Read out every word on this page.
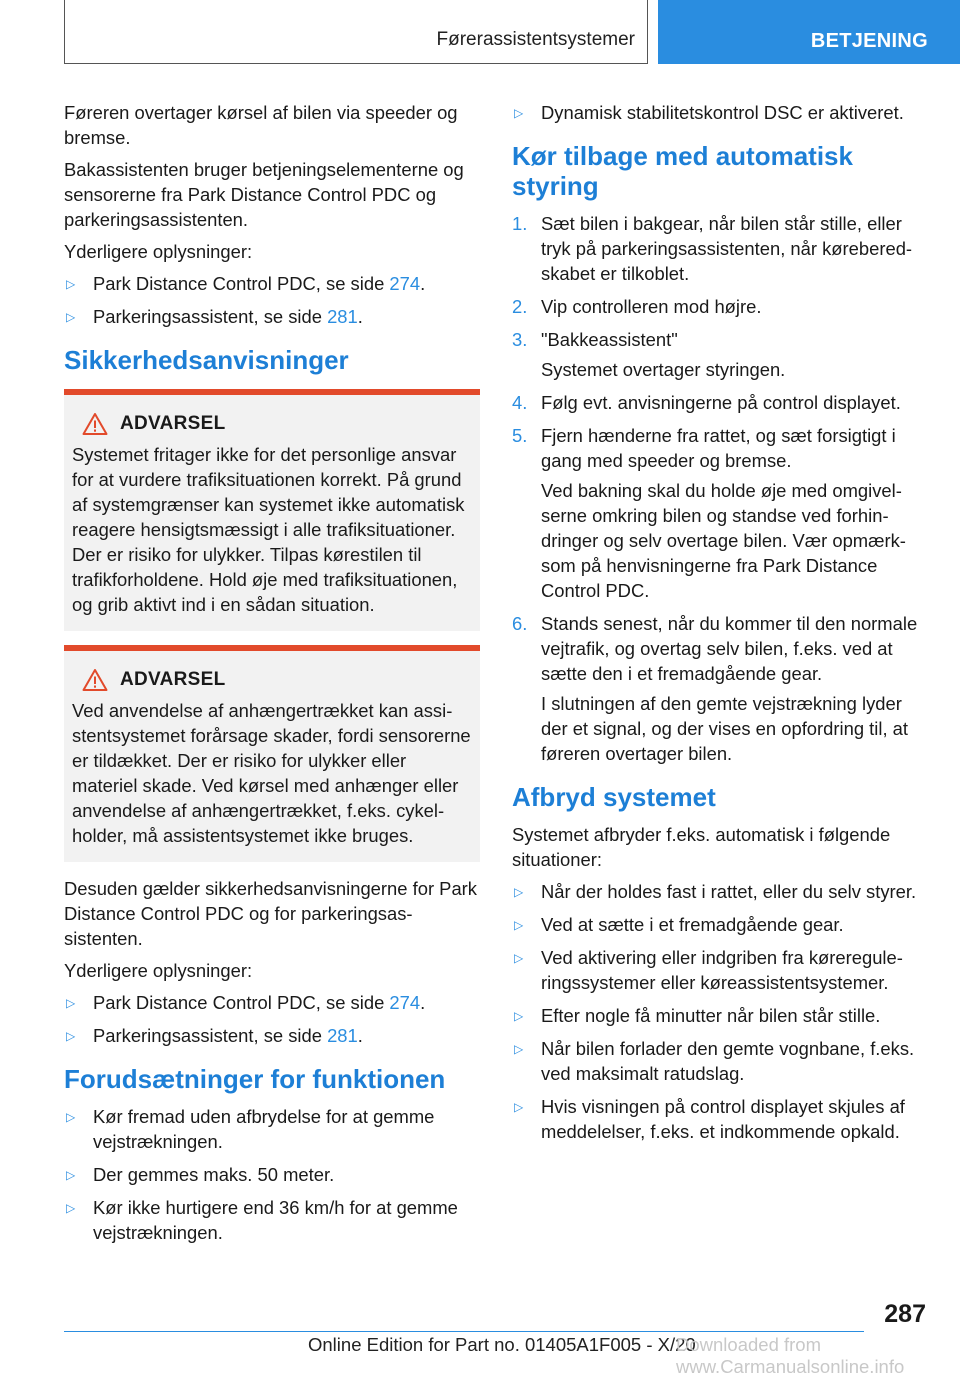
Førerassistentsystemer	BETJENING

Føreren overtager kørsel af bilen via speeder og bremse.

Bakassistenten bruger betjeningselementerne og sensorerne fra Park Distance Control PDC og parkeringsassistenten.

Yderligere oplysninger:

▷ Park Distance Control PDC, se side 274.
▷ Parkeringsassistent, se side 281.
Sikkerhedsanvisninger
ADVARSEL

Systemet fritager ikke for det personlige ansvar for at vurdere trafiksituationen korrekt. På grund af systemgrænser kan systemet ikke automatisk reagere hensigtsmæssigt i alle trafiksituationer. Der er risiko for ulykker. Tilpas kørestilen til trafikforholdene. Hold øje med trafiksituationen, og grib aktivt ind i en sådan situation.

ADVARSEL

Ved anvendelse af anhængertrækket kan assistentsystemet forårsage skader, fordi sensorerne er tildækket. Der er risiko for ulykker eller materiel skade. Ved kørsel med anhænger eller anvendelse af anhængertrækket, f.eks. cykelholder, må assistentsystemet ikke bruges.

Desuden gælder sikkerhedsanvisningerne for Park Distance Control PDC og for parkeringsassistenten.

Yderligere oplysninger:

▷ Park Distance Control PDC, se side 274.
▷ Parkeringsassistent, se side 281.
Forudsætninger for funktionen
▷ Kør fremad uden afbrydelse for at gemme vejstrækningen.
▷ Der gemmes maks. 50 meter.
▷ Kør ikke hurtigere end 36 km/h for at gemme vejstrækningen.
▷ Dynamisk stabilitetskontrol DSC er aktiveret.
Kør tilbage med automatisk styring
1. Sæt bilen i bakgear, når bilen står stille, eller tryk på parkeringsassistenten, når køreberedskabet er tilkoblet.
2. Vip controlleren mod højre.
3. "Bakkeassistent"

Systemet overtager styringen.

4. Følg evt. anvisningerne på control displayet.
5. Fjern hænderne fra rattet, og sæt forsigtigt i gang med speeder og bremse.

Ved bakning skal du holde øje med omgivelserne omkring bilen og standse ved forhindringer og selv overtage bilen. Vær opmærksom på henvisningerne fra Park Distance Control PDC.

6. Stands senest, når du kommer til den normale vejtrafik, og overtag selv bilen, f.eks. ved at sætte den i et fremadgående gear.

I slutningen af den gemte vejstrækning lyder der et signal, og der vises en opfordring til, at føreren overtager bilen.

Afbryd systemet

Systemet afbryder f.eks. automatisk i følgende situationer:

▷ Når der holdes fast i rattet, eller du selv styrer.
▷ Ved at sætte i et fremadgående gear.
▷ Ved aktivering eller indgriben fra kørereguleringssystemer eller køreassistentsystemer.
▷ Efter nogle få minutter når bilen står stille.
▷ Når bilen forlader den gemte vognbane, f.eks. ved maksimalt ratudslag.
▷ Hvis visningen på control displayet skjules af meddelelser, f.eks. et indkommende opkald.
287
Online Edition for Part no. 01405A1F005 - X/20
Downloaded from www.Carmanualsonline.info
